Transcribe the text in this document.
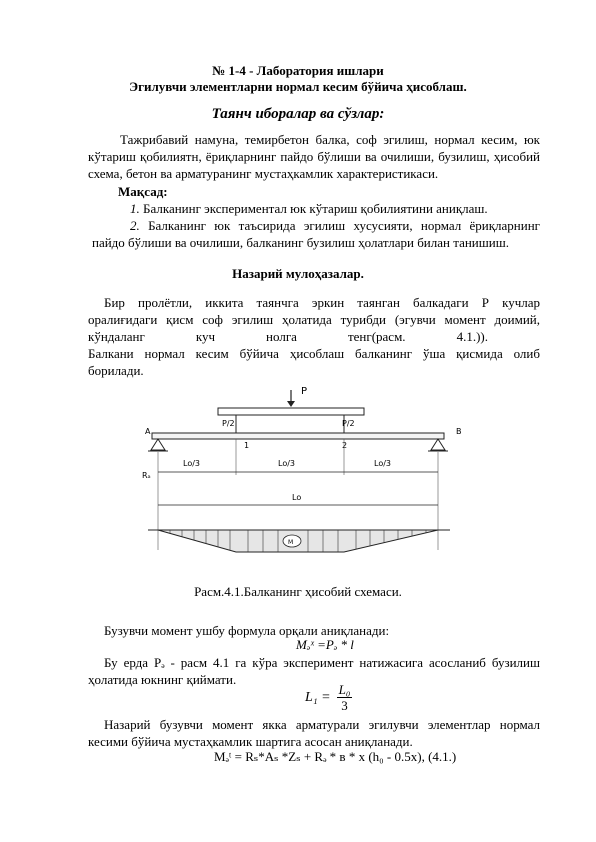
№ 1-4 - Лаборатория ишлари
Эгилувчи элементларни нормал кесим бўйича ҳисоблаш.
Таянч иборалар ва сўзлар:
Тажрибавий намуна, темирбетон балка, соф эгилиш, нормал кесим, юк кўтариш қобилиятн, ёриқларнинг пайдо бўлиши ва очилиши, бузилиш, ҳисобий схема, бетон ва арматуранинг мустаҳкамлик характеристикаси.
Мақсад:
1. Балканинг экспериментал юк кўтариш қобилиятини аниқлаш.
2. Балканинг юк таъсирида эгилиш хусусияти, нормал ёриқларнинг пайдо бўлиши ва очилиши, балканинг бузилиш ҳолатлари билан танишиш.
Назарий мулоҳазалар.
Бир пролётли, иккита таянчга эркин таянган балкадаги Р кучлар
оралиғидаги қисм соф эгилиш ҳолатида турибди (эгувчи момент доимий,
кўндаланг куч нолга тенг(расм. 4.1.)).
Балкани нормал кесим бўйича ҳисоблаш балканинг ўша қисмида олиб
борилади.
P
P/2	P/2
A	B
1	2
Rₐ
Lo/3	Lo/3	Lo/3
Lo
M
Расм.4.1.Балканинг ҳисобий схемаси.
Бузувчи момент ушбу формула орқали аниқланади:
Mₔˣ =Pₔ * l
Бу ерда Pₔ - расм 4.1 га кўра эксперимент натижасига асосланиб бузилиш ҳолатида юкнинг қиймати.
$L_1 = \frac{\text{L₀}}{3}$
Назарий бузувчи момент якка арматурали эгилувчи элементлар нормал кесими бўйича мустаҳкамлик шартига асосан аниқланади.
Mₔᵗ = Rₛ*Aₛ *Zₛ + Rₔ * в * x (h₀ - 0.5x), (4.1.)
